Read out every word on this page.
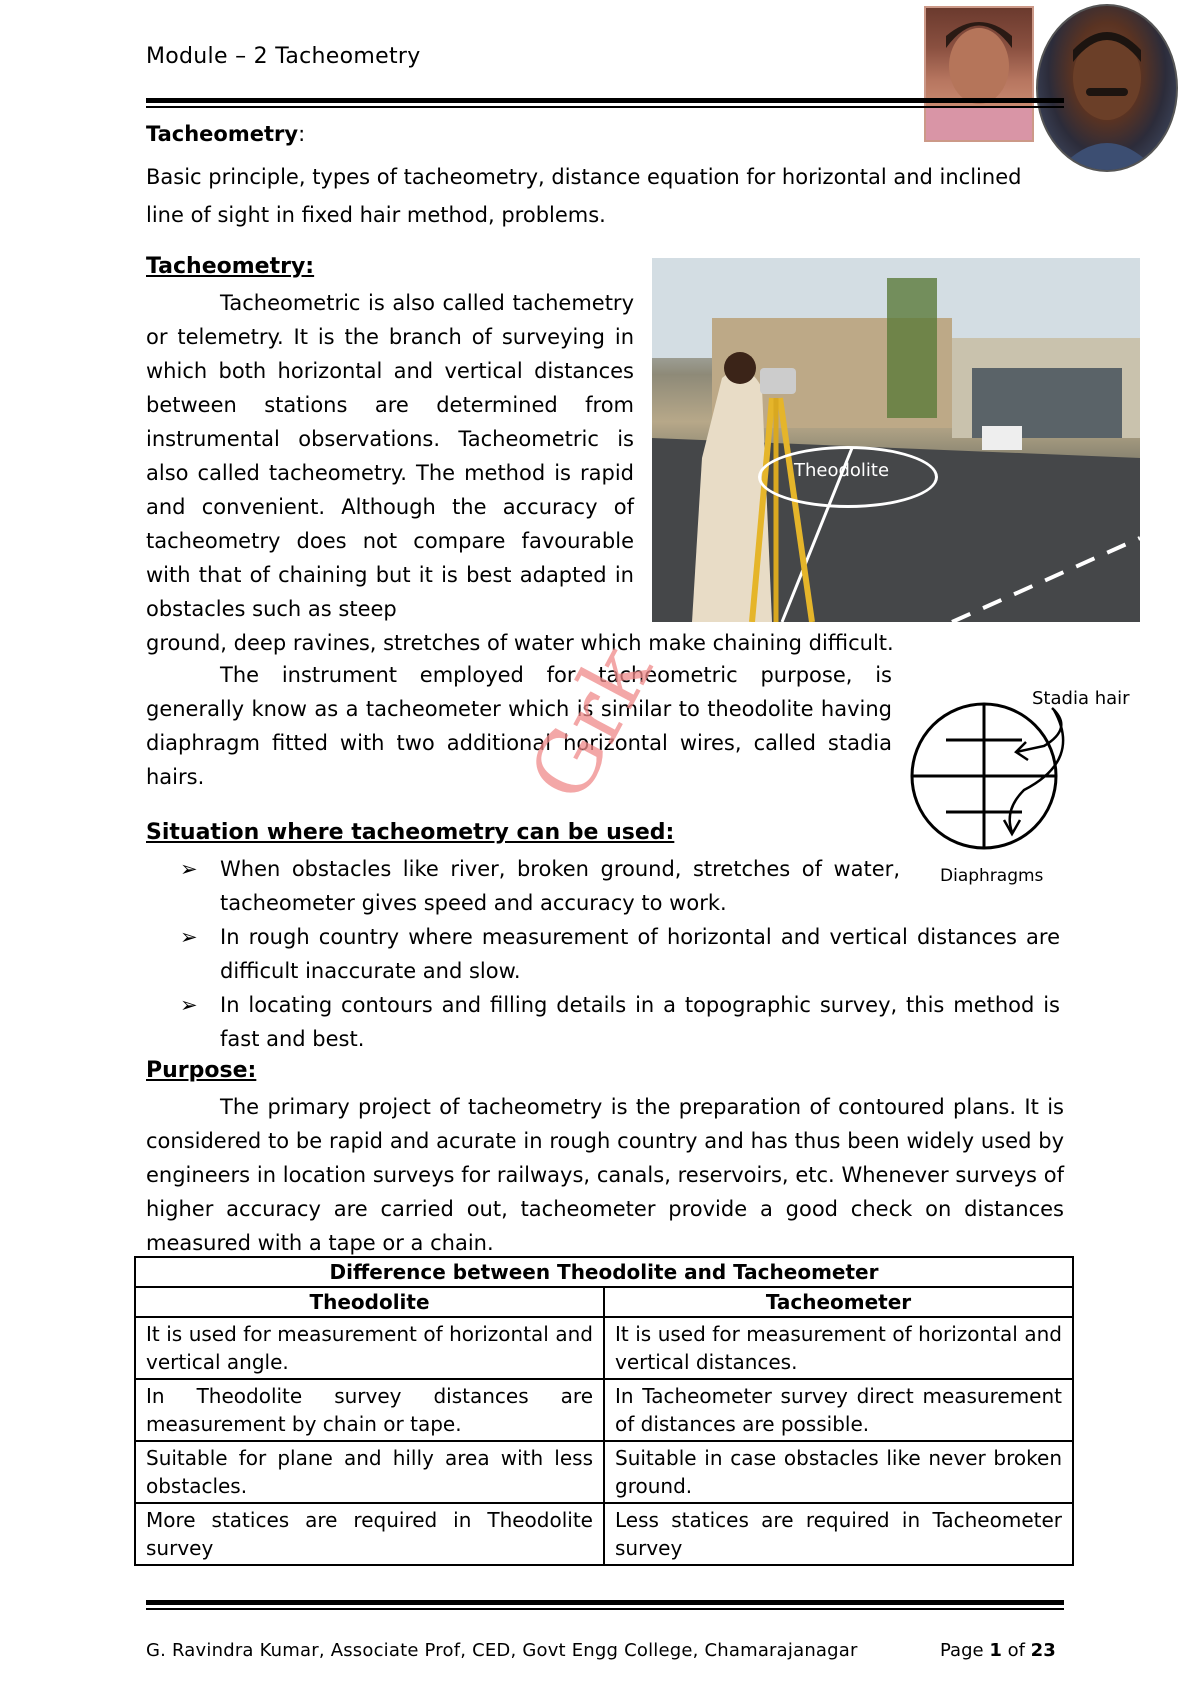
Module – 2 Tacheometry
Tacheometry:
Basic principle, types of tacheometry, distance equation for horizontal and inclined line of sight in fixed hair method, problems.
Tacheometry:
Tacheometric is also called tachemetry or telemetry. It is the branch of surveying in which both horizontal and vertical distances between stations are determined from instrumental observations. Tacheometric is also called tacheometry. The method is rapid and convenient. Although the accuracy of tacheometry does not compare favourable with that of chaining but it is best adapted in obstacles such as steep
ground, deep ravines, stretches of water which make chaining difficult.
Theodolite
The instrument employed for tacheometric purpose, is generally know as a tacheometer which is similar to theodolite having diaphragm fitted with two additional horizontal wires, called stadia hairs.
Stadia hair
Diaphragms
Situation where tacheometry can be used:
➢	When obstacles like river, broken ground, stretches of water, tacheometer gives speed and accuracy to work.
➢	In rough country where measurement of horizontal and vertical distances are difficult inaccurate and slow.
➢	In locating contours and filling details in a topographic survey, this method is fast and best.
Purpose:
The primary project of tacheometry is the preparation of contoured plans. It is considered to be rapid and acurate in rough country and has thus been widely used by engineers in location surveys for railways, canals, reservoirs, etc. Whenever surveys of higher accuracy are carried out, tacheometer provide a good check on distances measured with a tape or a chain.
Difference between Theodolite and Tacheometer	
Theodolite	Tacheometer
It is used for measurement of horizontal and vertical angle.	It is used for measurement of horizontal and vertical distances.
In Theodolite survey distances are measurement by chain or tape.	In Tacheometer survey direct measurement of distances are possible.
Suitable for plane and hilly area with less obstacles.	Suitable in case obstacles like never broken ground.
More statices are required in Theodolite survey	Less statices are required in Tacheometer survey
Grk
G. Ravindra Kumar, Associate Prof, CED, Govt Engg College, Chamarajanagar	Page 1 of 23
